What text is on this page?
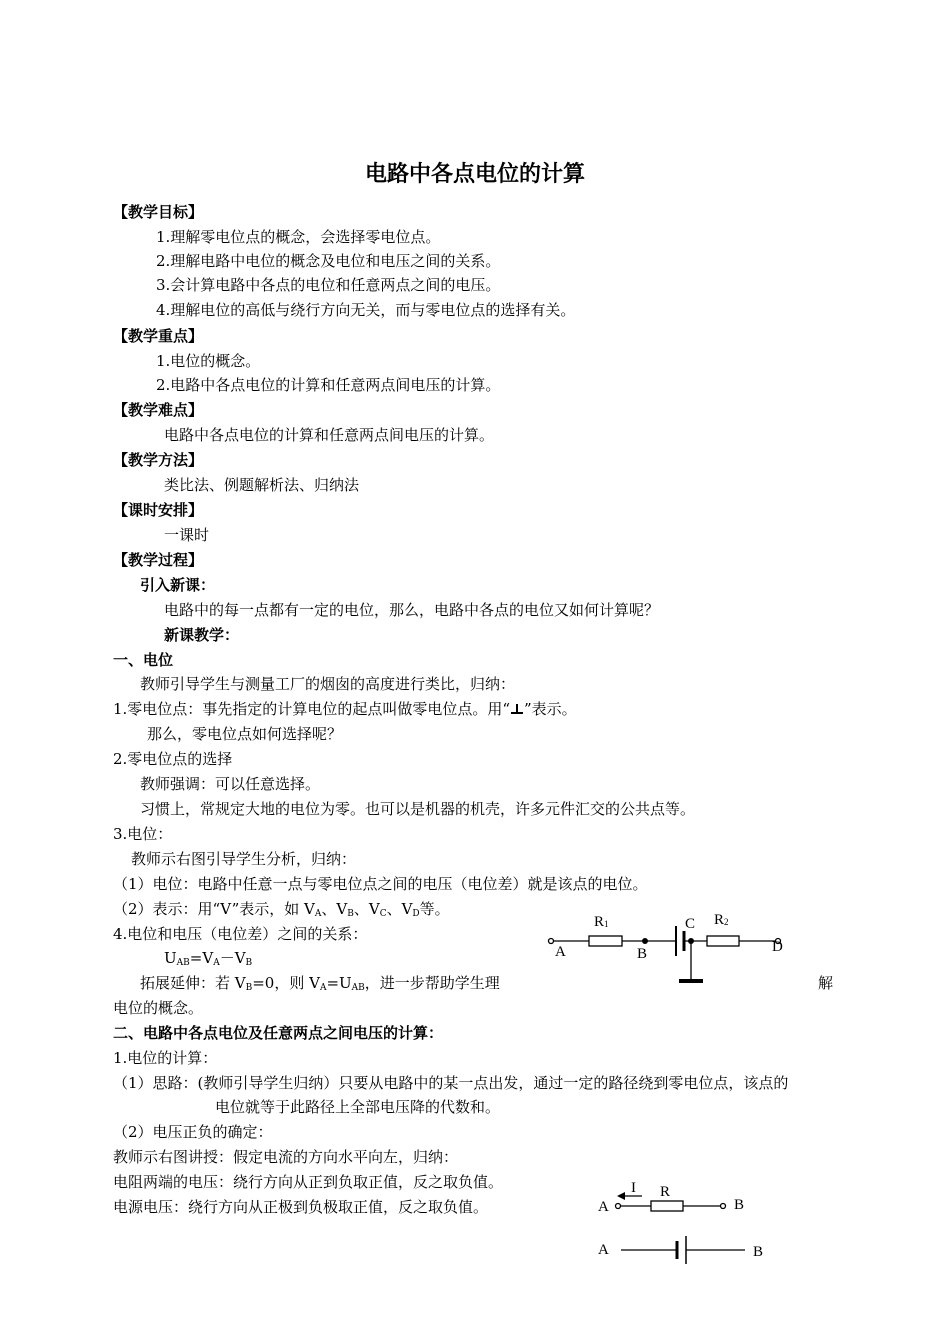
电路中各点电位的计算
【教学目标】
1.理解零电位点的概念，会选择零电位点。
2.理解电路中电位的概念及电位和电压之间的关系。
3.会计算电路中各点的电位和任意两点之间的电压。
4.理解电位的高低与绕行方向无关，而与零电位点的选择有关。
【教学重点】
1.电位的概念。
2.电路中各点电位的计算和任意两点间电压的计算。
【教学难点】
电路中各点电位的计算和任意两点间电压的计算。
【教学方法】
类比法、例题解析法、归纳法
【课时安排】
一课时
【教学过程】
引入新课：
电路中的每一点都有一定的电位，那么，电路中各点的电位又如何计算呢？
新课教学：
一、电位
教师引导学生与测量工厂的烟囱的高度进行类比，归纳：
1.零电位点：事先指定的计算电位的起点叫做零电位点。用“ ”表示。
那么，零电位点如何选择呢？
2.零电位点的选择
教师强调：可以任意选择。
习惯上，常规定大地的电位为零。也可以是机器的机壳，许多元件汇交的公共点等。
3.电位：
教师示右图引导学生分析，归纳：
（1）电位：电路中任意一点与零电位点之间的电压（电位差）就是该点的电位。
（2）表示：用“V”表示，如 $V_A$、$V_B$、$V_C$、$V_D$等。
4.电位和电压（电位差）之间的关系：
$U_{AB}=V_A-V_B$
拓展延伸：若 $V_B=0$，则 $V_A=U_{AB}$，进一步帮助学生理	解
电位的概念。
二、电路中各点电位及任意两点之间电压的计算：
1.电位的计算：
（1）思路：(教师引导学生归纳）只要从电路中的某一点出发，通过一定的路径绕到零电位点，该点的
电位就等于此路径上全部电压降的代数和。
（2）电压正负的确定：
教师示右图讲授：假定电流的方向水平向左，归纳：
电阻两端的电压：绕行方向从正到负取正值，反之取负值。
电源电压：绕行方向从正极到负极取正值，反之取负值。
A	B
C
D
R1	R2
A	B
I R
A	B
